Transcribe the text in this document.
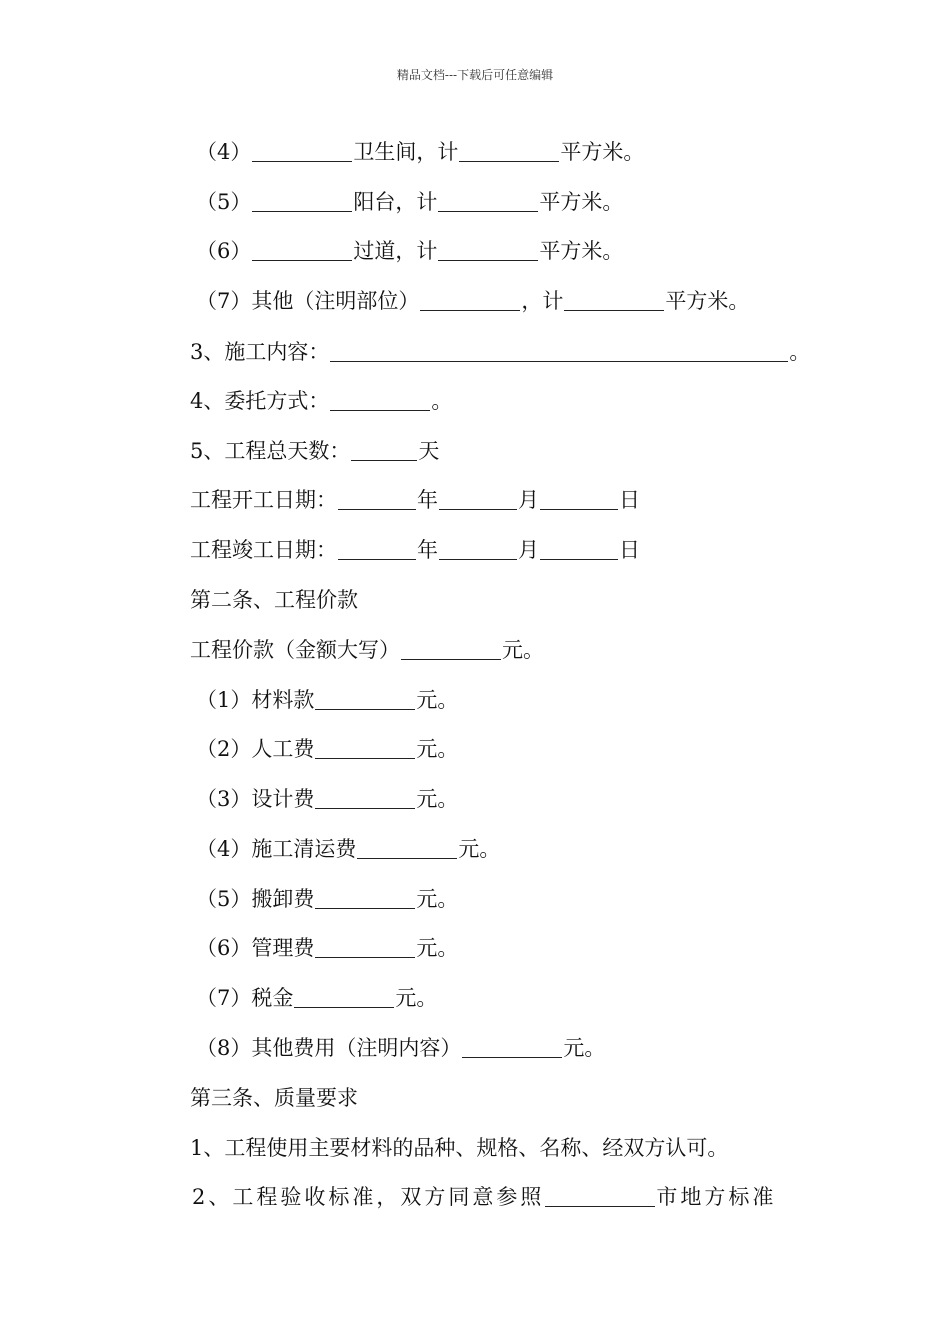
精品文档---下载后可任意编辑
（4）	卫生间，计	平方米。
（5）	阳台，计	平方米。
（6）	过道，计	平方米。
（7）其他（注明部位）	，计	平方米。
3、施工内容：	。
4、委托方式：	。
5、工程总天数：	天
工程开工日期：	年	月	日
工程竣工日期：	年	月	日
第二条、工程价款
工程价款（金额大写）	元。
（1）材料款	元。
（2）人工费	元。
（3）设计费	元。
（4）施工清运费	元。
（5）搬卸费	元。
（6）管理费	元。
（7）税金	元。
（8）其他费用（注明内容）	元。
第三条、质量要求
1、工程使用主要材料的品种、规格、名称、经双方认可。
2、工程验收标准，双方同意参照	市地方标准
